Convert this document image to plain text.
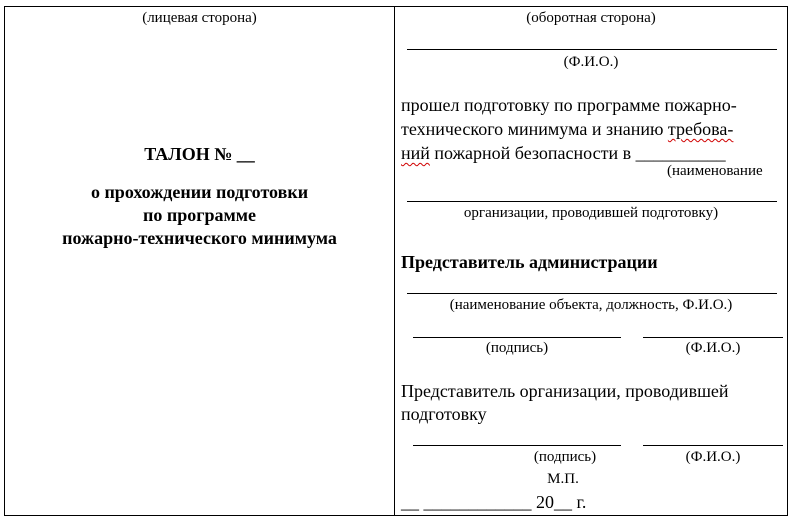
(лицевая сторона)
ТАЛОН № __
о прохождении подготовки
по программе
пожарно-технического минимума
(оборотная сторона)
(Ф.И.О.)
прошел подготовку по программе пожарно-
технического минимума и знанию требова-
ний пожарной безопасности в __________
(наименование
организации, проводившей подготовку)
Представитель администрации
(наименование объекта, должность, Ф.И.О.)
(подпись)	(Ф.И.О.)
Представитель организации, проводившей
подготовку
(подпись)	(Ф.И.О.)
М.П.
__ ____________ 20__ г.
